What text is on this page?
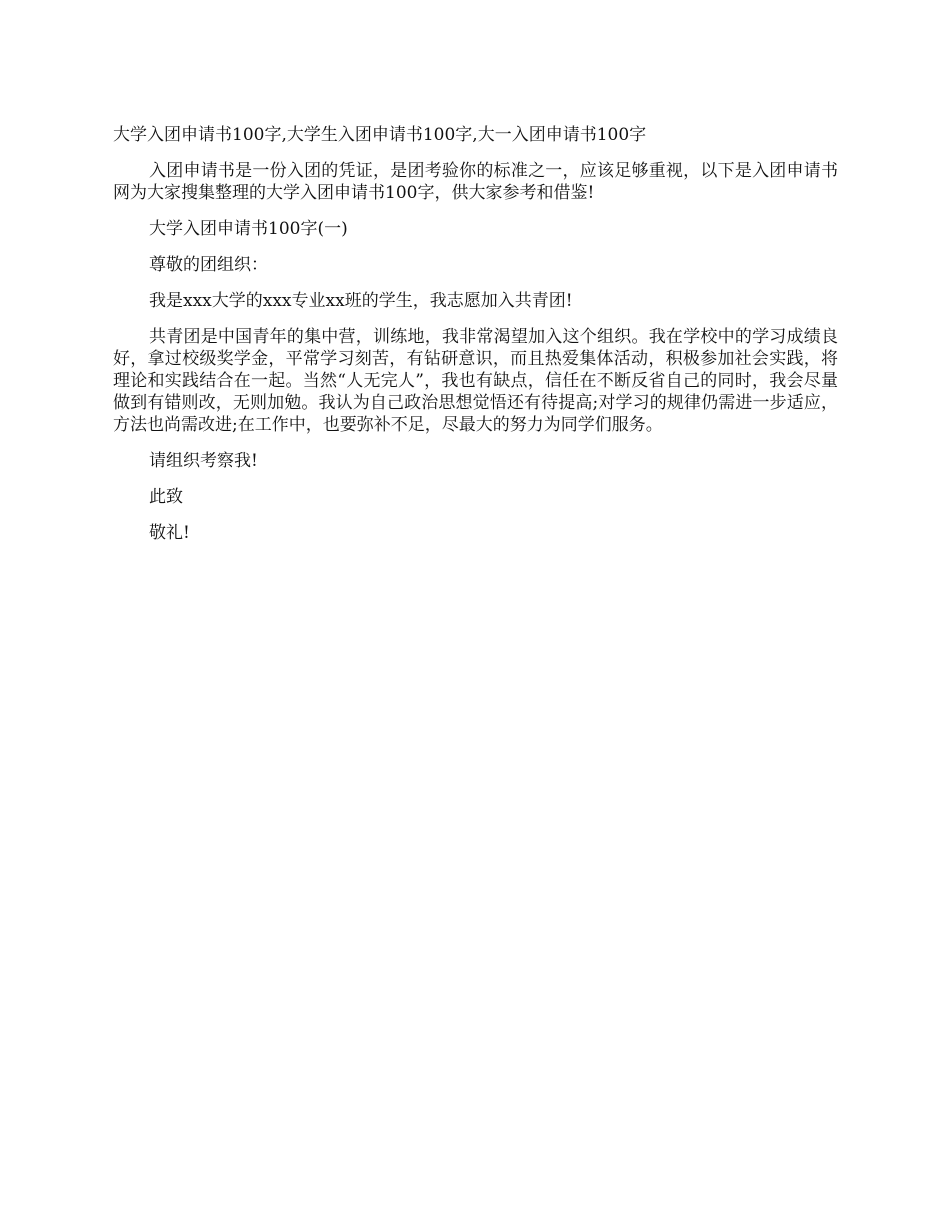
大学入团申请书100字,大学生入团申请书100字,大一入团申请书100字

入团申请书是一份入团的凭证，是团考验你的标准之一，应该足够重视，以下是入团申请书网为大家搜集整理的大学入团申请书100字，供大家参考和借鉴!

大学入团申请书100字(一)

尊敬的团组织：

我是xxx大学的xxx专业xx班的学生，我志愿加入共青团!

共青团是中国青年的集中营，训练地，我非常渴望加入这个组织。我在学校中的学习成绩良好，拿过校级奖学金，平常学习刻苦，有钻研意识，而且热爱集体活动，积极参加社会实践，将理论和实践结合在一起。当然“人无完人”，我也有缺点，信任在不断反省自己的同时，我会尽量做到有错则改，无则加勉。我认为自己政治思想觉悟还有待提高;对学习的规律仍需进一步适应，方法也尚需改进;在工作中，也要弥补不足，尽最大的努力为同学们服务。

请组织考察我!

此致

敬礼!
